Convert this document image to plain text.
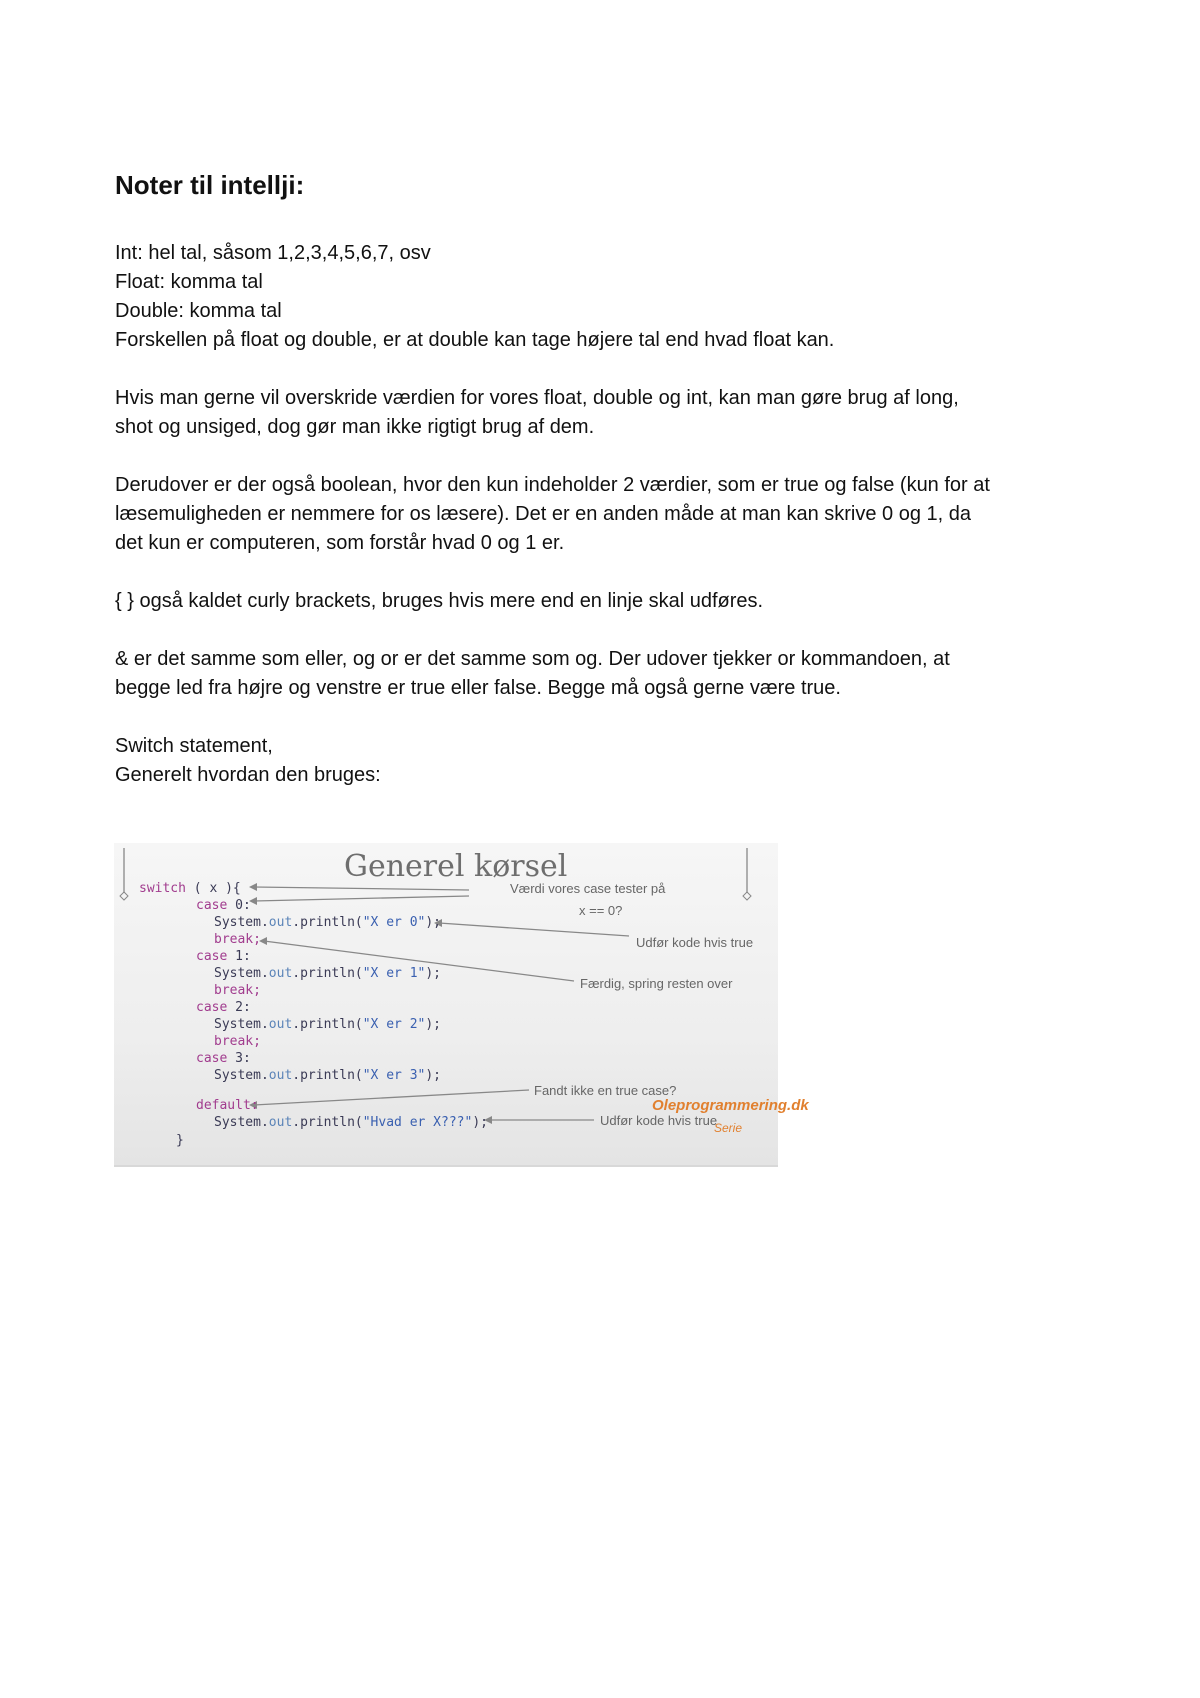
Noter til intellji:
Int: hel tal, såsom 1,2,3,4,5,6,7, osv
Float: komma tal
Double: komma tal
Forskellen på float og double, er at double kan tage højere tal end hvad float kan.
Hvis man gerne vil overskride værdien for vores float, double og int, kan man gøre brug af long,
shot og unsiged, dog gør man ikke rigtigt brug af dem.
Derudover er der også boolean, hvor den kun indeholder 2 værdier, som er true og false (kun for at
læsemuligheden er nemmere for os læsere). Det er en anden måde at man kan skrive 0 og 1, da
det kun er computeren, som forstår hvad 0 og 1 er.
{ } også kaldet curly brackets, bruges hvis mere end en linje skal udføres.
& er det samme som eller, og or er det samme som og. Der udover tjekker or kommandoen, at
begge led fra højre og venstre er true eller false. Begge må også gerne være true.
Switch statement,
Generelt hvordan den bruges:
Generel kørsel
switch ( x ){
case 0:
System.out.println("X er 0");
break;
case 1:
System.out.println("X er 1");
break;
case 2:
System.out.println("X er 2");
break;
case 3:
System.out.println("X er 3");
default:
System.out.println("Hvad er X???");
}
Værdi vores case tester på
x == 0?
Udfør kode hvis true
Færdig, spring resten over
Fandt ikke en true case?
Udfør kode hvis true
Oleprogrammering.dk
Serie
